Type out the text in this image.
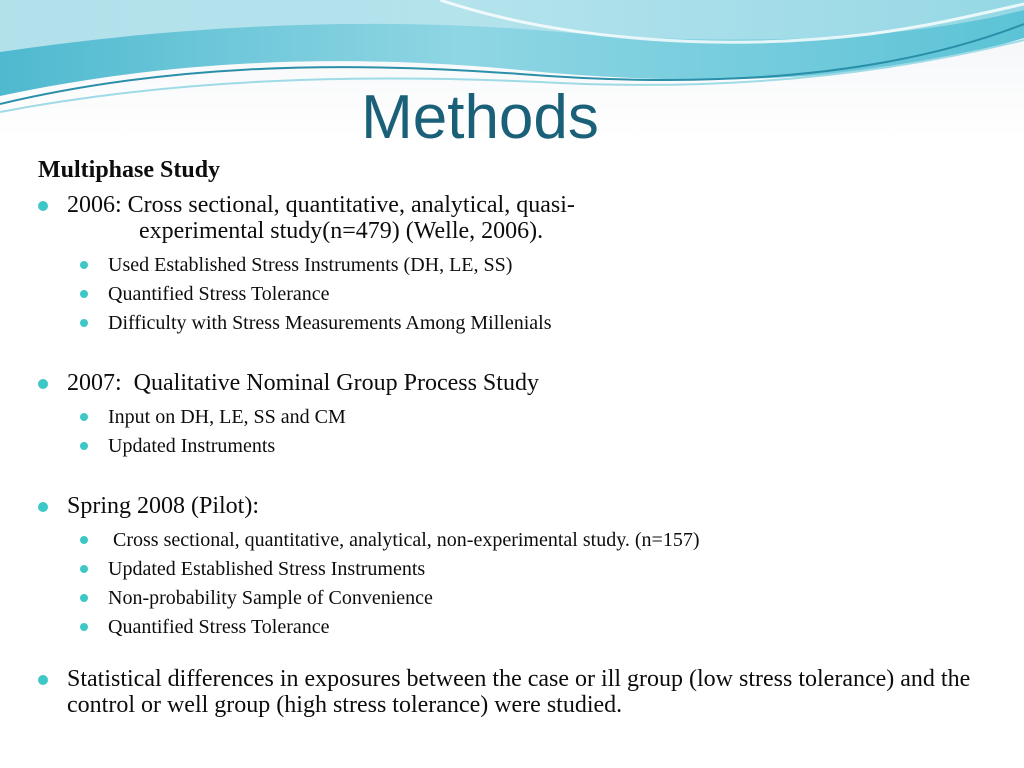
Methods
Multiphase Study
2006: Cross sectional, quantitative, analytical, quasi-
experimental study(n=479) (Welle, 2006).
Used Established Stress Instruments (DH, LE, SS)
Quantified Stress Tolerance
Difficulty with Stress Measurements Among Millenials
2007:  Qualitative Nominal Group Process Study
Input on DH, LE, SS and CM
Updated Instruments
Spring 2008 (Pilot):
Cross sectional, quantitative, analytical, non-experimental study. (n=157)
Updated Established Stress Instruments
Non-probability Sample of Convenience
Quantified Stress Tolerance
Statistical differences in exposures between the case or ill group (low stress tolerance) and the control or well group (high stress tolerance) were studied.
